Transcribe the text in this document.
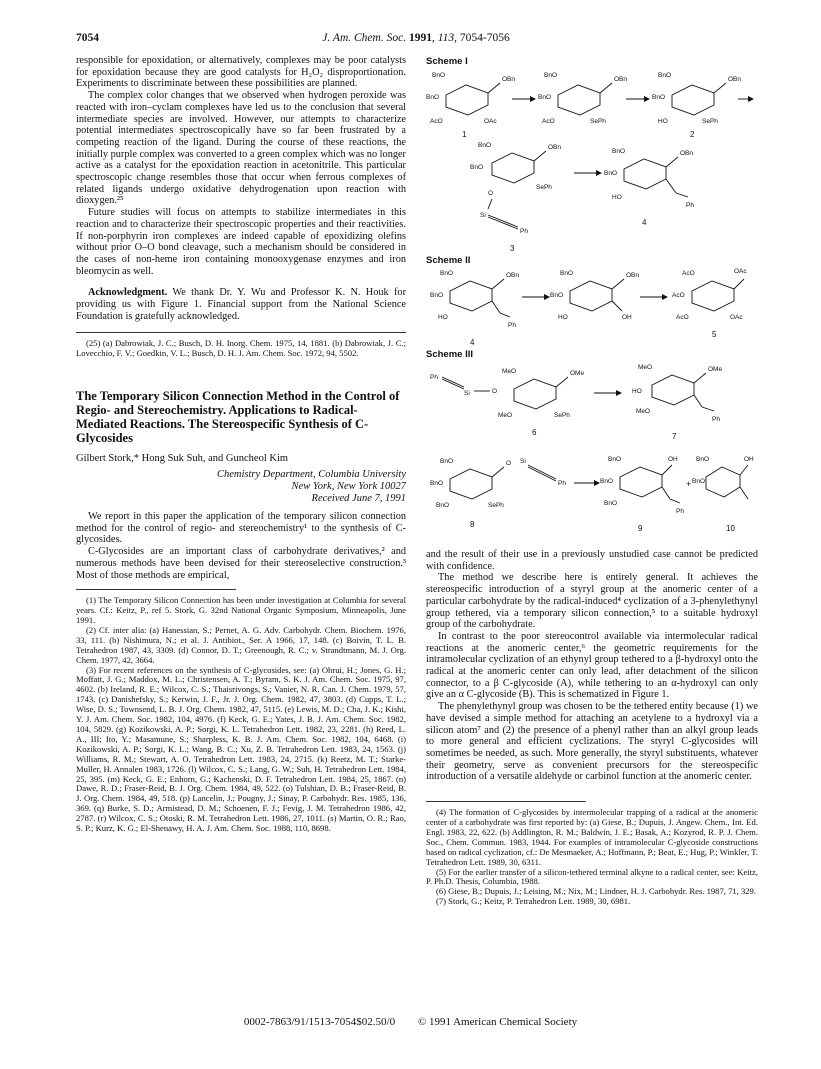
7054	J. Am. Chem. Soc. 1991, 113, 7054-7056

responsible for epoxidation, or alternatively, complexes may be poor catalysts for epoxidation because they are good catalysts for H₂O₂ disproportionation. Experiments to discriminate between these possibilities are planned.

The complex color changes that we observed when hydrogen peroxide was reacted with iron–cyclam complexes have led us to the conclusion that several intermediate species are involved. However, our attempts to characterize potential intermediates spectroscopically have so far been frustrated by a competing reaction of the ligand. During the course of these reactions, the initially purple complex was converted to a green complex which was no longer active as a catalyst for the epoxidation reaction in acetonitrile. This particular spectroscopic change resembles those that occur when ferrous complexes of related ligands undergo oxidative dehydrogenation upon reaction with dioxygen.²⁵

Future studies will focus on attempts to stabilize intermediates in this reaction and to characterize their spectroscopic properties and their reactivities. If non-porphyrin iron complexes are indeed capable of epoxidizing olefins without prior O–O bond cleavage, such a mechanism should be considered in the cases of non-heme iron containing monooxygenase enzymes and iron bleomycin as well.

Acknowledgment. We thank Dr. Y. Wu and Professor K. N. Houk for providing us with Figure 1. Financial support from the National Science Foundation is gratefully acknowledged.

(25) (a) Dabrowiak, J. C.; Busch, D. H. Inorg. Chem. 1975, 14, 1881. (b) Dabrowiak, J. C.; Lovecchio, F. V.; Goedkin, V. L.; Busch, D. H. J. Am. Chem. Soc. 1972, 94, 5502.

The Temporary Silicon Connection Method in the Control of Regio- and Stereochemistry. Applications to Radical-Mediated Reactions. The Stereospecific Synthesis of C-Glycosides
Gilbert Stork,* Hong Suk Suh, and Guncheol Kim
Chemistry Department, Columbia University
New York, New York 10027
Received June 7, 1991

We report in this paper the application of the temporary silicon connection method for the control of regio- and stereochemistry¹ to the synthesis of C-glycosides.

C-Glycosides are an important class of carbohydrate derivatives,² and numerous methods have been devised for their stereoselective construction.³ Most of those methods are empirical,

(1) The Temporary Silicon Connection has been under investigation at Columbia for several years. Cf.: Keitz, P., ref 5. Stork, G. 32nd National Organic Symposium, Minneapolis, June 1991.

(2) Cf. inter alia: (a) Hanessian, S.; Pernet, A. G. Adv. Carbohydr. Chem. Biochem. 1976, 33, 111. (b) Nishimura, N.; et al. J. Antibiot., Ser. A 1966, 17, 148. (c) Boivin, T. L. B. Tetrahedron 1987, 43, 3309. (d) Connor, D. T.; Greenough, R. C.; v. Strandtmann, M. J. Org. Chem. 1977, 42, 3664.

(3) For recent references on the synthesis of C-glycosides, see: (a) Ohrui, H.; Jones, G. H.; Moffatt, J. G.; Maddox, M. L.; Christensen, A. T.; Byram, S. K. J. Am. Chem. Soc. 1975, 97, 4602. (b) Ireland, R. E.; Wilcox, C. S.; Thaisrivongs, S.; Vanier, N. R. Can. J. Chem. 1979, 57, 1743. (c) Danishefsky, S.; Kerwin, J. F., Jr. J. Org. Chem. 1982, 47, 3803. (d) Cupps, T. L.; Wise, D. S.; Townsend, L. B. J. Org. Chem. 1982, 47, 5115. (e) Lewis, M. D.; Cha, J. K.; Kishi, Y. J. Am. Chem. Soc. 1982, 104, 4976. (f) Keck, G. E.; Yates, J. B. J. Am. Chem. Soc. 1982, 104, 5829. (g) Kozikowski, A. P.; Sorgi, K. L. Tetrahedron Lett. 1982, 23, 2281. (h) Reed, L. A., III; Ito, Y.; Masamune, S.; Sharpless, K. B. J. Am. Chem. Soc. 1982, 104, 6468. (i) Kozikowski, A. P.; Sorgi, K. L.; Wang, B. C.; Xu, Z. B. Tetrahedron Lett. 1983, 24, 1563. (j) Williams, R. M.; Stewart, A. O. Tetrahedron Lett. 1983, 24, 2715. (k) Reetz, M. T.; Starke-Muller, H. Annalen 1983, 1726. (l) Wilcox, C. S.; Lang, G. W.; Suh, H. Tetrahedron Lett. 1984, 25, 395. (m) Keck, G. E.; Enhorn, G.; Kachenski, D. F. Tetrahedron Lett. 1984, 25, 1867. (n) Dawe, R. D.; Fraser-Reid, B. J. Org. Chem. 1984, 49, 522. (o) Tulshian, D. B.; Fraser-Reid, B. J. Org. Chem. 1984, 49, 518. (p) Lancelin, J.; Pougny, J.; Sinay, P. Carbohydr. Res. 1985, 136, 369. (q) Burke, S. D.; Armistead, D. M.; Schoenen, F. J.; Fevig, J. M. Tetrahedron 1986, 42, 2787. (r) Wilcox, C. S.; Otoski, R. M. Tetrahedron Lett. 1986, 27, 1011. (s) Martin, O. R.; Rao, S. P.; Kurz, K. G.; El-Shenawy, H. A. J. Am. Chem. Soc. 1988, 110, 8698.

Scheme I
BnO
OBn
BnO
AcO	OAc
1
BnO
OBn
BnO
AcO	SePh
BnO
OBn
BnO
HO	SePh
2
BnO	OBn
BnO
SePh
O
Si
Ph
3
BnO	OBn
BnO
HO
Ph
4
Scheme II
BnO	OBn
BnO
HO
Ph
4
BnO	OBn
BnO
HO	OH
AcO	OAc
AcO
AcO	OAc
5
Scheme III
Ph
Si
MeO	OMe
O
MeO	SePh
6
MeO	OMe
HO
MeO
Ph
7
BnO	O Si
Ph
BnO
BnO	SePh
8
BnO	OH
BnO
BnO
Ph
9
+
BnO	OH
BnO
10

and the result of their use in a previously unstudied case cannot be predicted with confidence.

The method we describe here is entirely general. It achieves the stereospecific introduction of a styryl group at the anomeric center of a particular carbohydrate by the radical-induced⁴ cyclization of a 3-phenylethynyl group tethered, via a temporary silicon connection,⁵ to a suitable hydroxyl group of the carbohydrate.

In contrast to the poor stereocontrol available via intermolecular radical reactions at the anomeric center,⁶ the geometric requirements for the intramolecular cyclization of an ethynyl group tethered to a β-hydroxyl onto the radical at the anomeric center can only lead, after detachment of the silicon connector, to a β C-glycoside (A), while tethering to an α-hydroxyl can only give an α C-glycoside (B). This is schematized in Figure 1.

The phenylethynyl group was chosen to be the tethered entity because (1) we have devised a simple method for attaching an acetylene to a hydroxyl via a silicon atom⁷ and (2) the presence of a phenyl rather than an alkyl group leads to more general and efficient cyclizations. The styryl C-glycosides will sometimes be needed, as such. More generally, the styryl substituents, whatever their geometry, serve as convenient precursors for the stereospecific introduction of a versatile aldehyde or carbinol function at the anomeric center.

(4) The formation of C-glycosides by intermolecular trapping of a radical at the anomeric center of a carbohydrate was first reported by: (a) Giese, B.; Dupuis, J. Angew. Chem., Int. Ed. Engl. 1983, 22, 622. (b) Addlington, R. M.; Baldwin, J. E.; Basak, A.; Kozyrod, R. P. J. Chem. Soc., Chem. Commun. 1983, 1944. For examples of intramolecular C-glycoside constructions based on radical cyclization, cf.: De Mesmaeker, A.; Hoffmann, P.; Beat, E.; Hug, P.; Winkler, T. Tetrahedron Lett. 1989, 30, 6311.

(5) For the earlier transfer of a silicon-tethered terminal alkyne to a radical center, see: Keitz, P. Ph.D. Thesis, Columbia, 1988.

(6) Giese, B.; Dupuis, J.; Leising, M.; Nix, M.; Lindner, H. J. Carbohydr. Res. 1987, 71, 329.

(7) Stork, G.; Keitz, P. Tetrahedron Lett. 1989, 30, 6981.

0002-7863/91/1513-7054$02.50/0 © 1991 American Chemical Society
